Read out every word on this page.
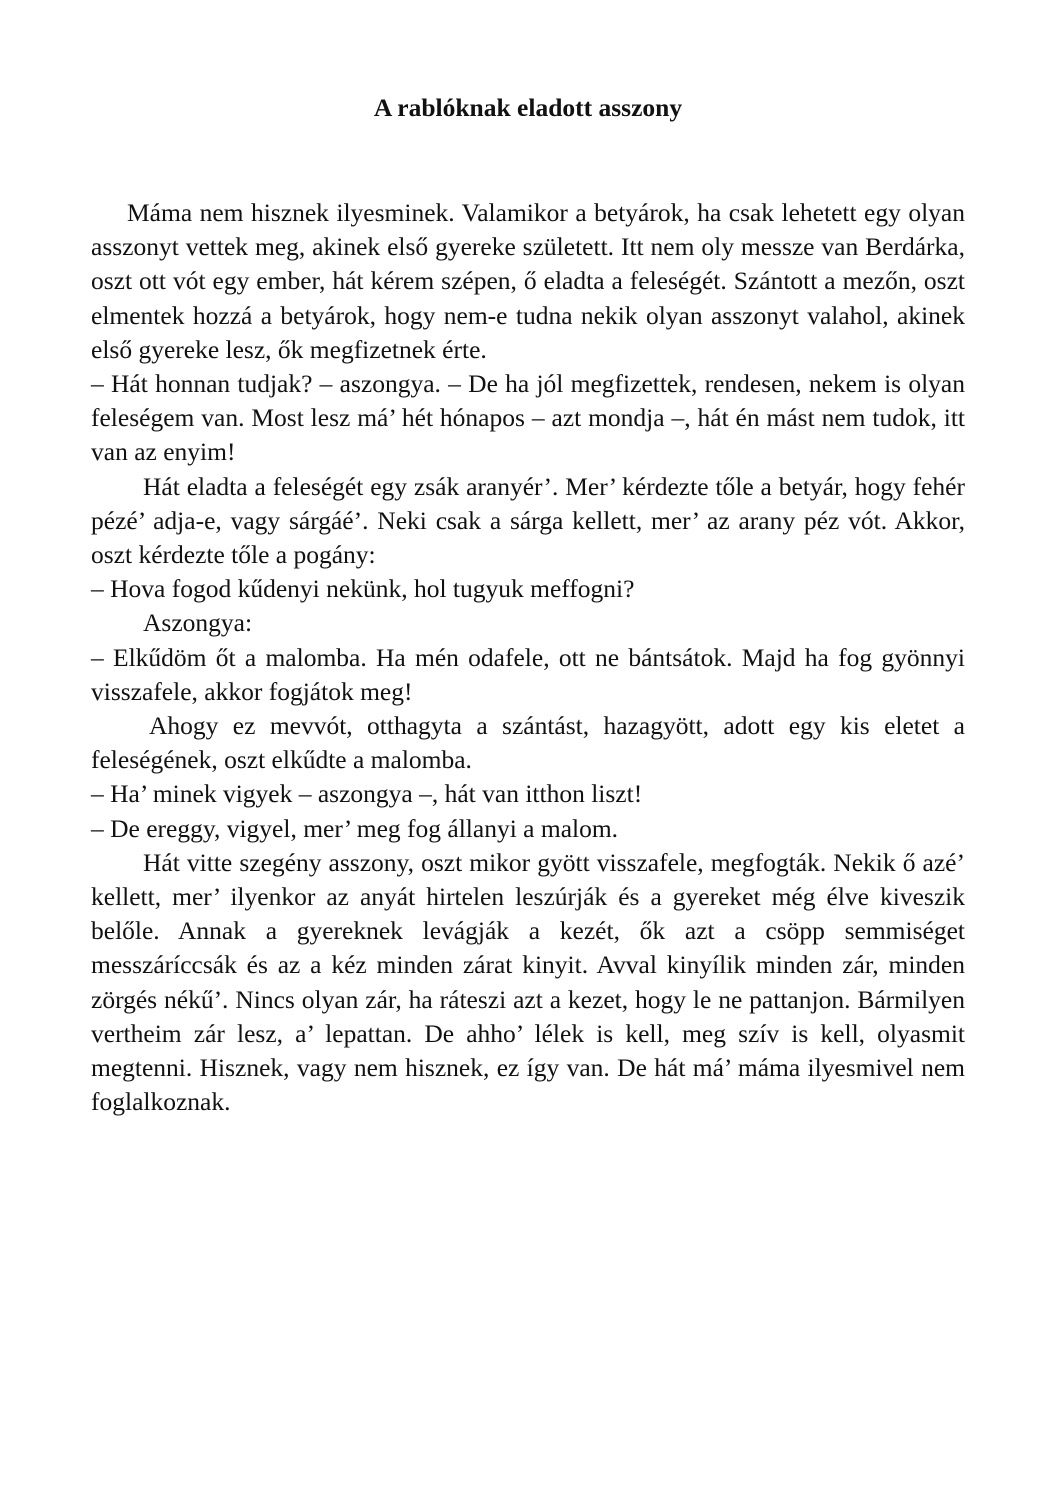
A rablóknak eladott asszony

Máma nem hisznek ilyesminek. Valamikor a betyárok, ha csak lehetett egy olyan asszonyt vettek meg, akinek első gyereke született. Itt nem oly messze van Berdárka, oszt ott vót egy ember, hát kérem szépen, ő eladta a feleségét. Szántott a mezőn, oszt elmentek hozzá a betyárok, hogy nem-e tudna nekik olyan asszonyt valahol, akinek első gyereke lesz, ők megfizetnek érte.

– Hát honnan tudjak? – aszongya. – De ha jól megfizettek, rendesen, nekem is olyan feleségem van. Most lesz má’ hét hónapos – azt mondja –, hát én mást nem tudok, itt van az enyim!

Hát eladta a feleségét egy zsák aranyér’. Mer’ kérdezte tőle a betyár, hogy fehér pézé’ adja-e, vagy sárgáé’. Neki csak a sárga kellett, mer’ az arany péz vót. Akkor, oszt kérdezte tőle a pogány:

– Hova fogod kűdenyi nekünk, hol tugyuk meffogni?

Aszongya:

– Elkűdöm őt a malomba. Ha mén odafele, ott ne bántsátok. Majd ha fog gyönnyi visszafele, akkor fogjátok meg!

Ahogy ez mevvót, otthagyta a szántást, hazagyött, adott egy kis eletet a feleségének, oszt elkűdte a malomba.

– Ha’ minek vigyek – aszongya –, hát van itthon liszt!

– De ereggy, vigyel, mer’ meg fog állanyi a malom.

Hát vitte szegény asszony, oszt mikor gyött visszafele, megfogták. Nekik ő azé’ kellett, mer’ ilyenkor az anyát hirtelen leszúrják és a gyereket még élve kiveszik belőle. Annak a gyereknek levágják a kezét, ők azt a csöpp semmiséget messzáríccsák és az a kéz minden zárat kinyit. Avval kinyílik minden zár, minden zörgés nékű’. Nincs olyan zár, ha ráteszi azt a kezet, hogy le ne pattanjon. Bármilyen vertheim zár lesz, a’ lepattan. De ahho’ lélek is kell, meg szív is kell, olyasmit megtenni. Hisznek, vagy nem hisznek, ez így van. De hát má’ máma ilyesmivel nem foglalkoznak.
